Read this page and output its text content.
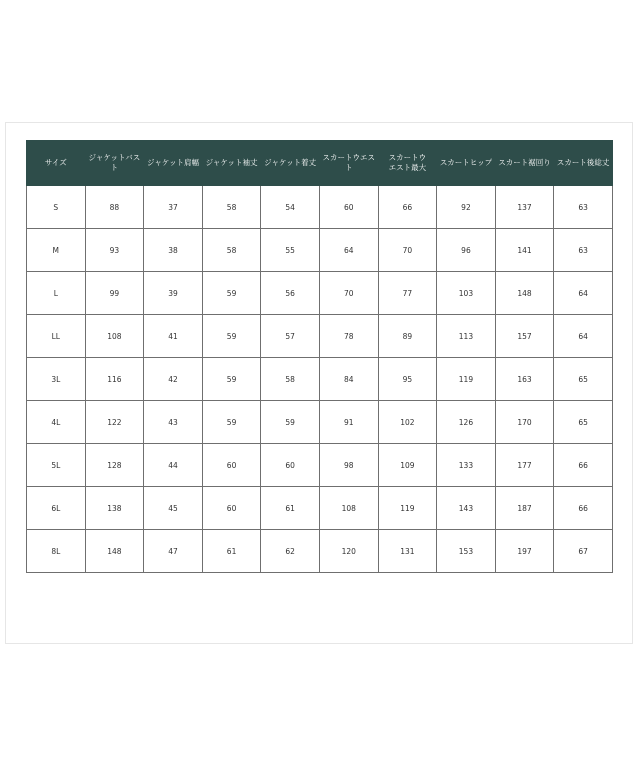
サイズ	ジャケットバスト	ジャケット肩幅	ジャケット袖丈	ジャケット着丈	スカートウエスト	スカートウ
エスト最大	スカートヒップ	スカート裾回り	スカート後総丈
S	88	37	58	54	60	66	92	137	63
M	93	38	58	55	64	70	96	141	63
L	99	39	59	56	70	77	103	148	64
LL	108	41	59	57	78	89	113	157	64
3L	116	42	59	58	84	95	119	163	65
4L	122	43	59	59	91	102	126	170	65
5L	128	44	60	60	98	109	133	177	66
6L	138	45	60	61	108	119	143	187	66
8L	148	47	61	62	120	131	153	197	67
